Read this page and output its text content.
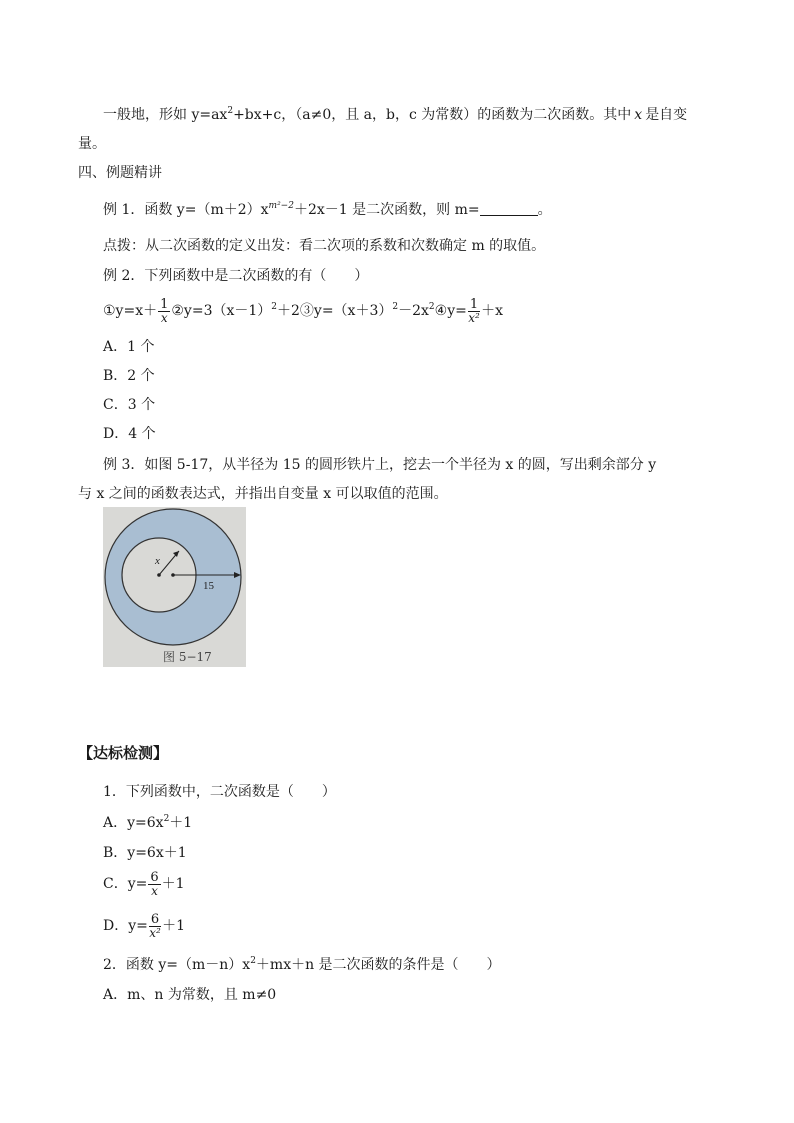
一般地，形如 $y=ax^2+bx+c$，（a≠0，且 a，b，c 为常数）的函数为二次函数。其中 x 是自变
量。
四、例题精讲
例 1．函数 $y=(m+2)x^{m^2-2}+2x-1$ 是二次函数，则 m=	。
点拨：从二次函数的定义出发：看二次项的系数和次数确定 m 的取值。
例 2．下列函数中是二次函数的有（　　）
①y=x＋ $\frac{1}{x}$ $②y=3(x-1)^2+2③y=(x+3)^2-2x^2④y= \frac{1}{\text{x²}} +x$
A．1 个
B．2 个
C．3 个
D．4 个
例 3．如图 5-17，从半径为 15 的圆形铁片上，挖去一个半径为 x 的圆，写出剩余部分 y
与 x 之间的函数表达式，并指出自变量 x 可以取值的范围。
x
15
图 5−17
【达标检测】
1．下列函数中，二次函数是（　　）
A．$y=6x^2+1$
B．y=6x＋1
C．$y= \frac{6}{x} +1$
D．$y= \frac{6}{\text{x²}} +1$
2．函数 $y=(m-n)x^2+mx+n$ 是二次函数的条件是（　　）
A．m、n 为常数，且 m≠0
